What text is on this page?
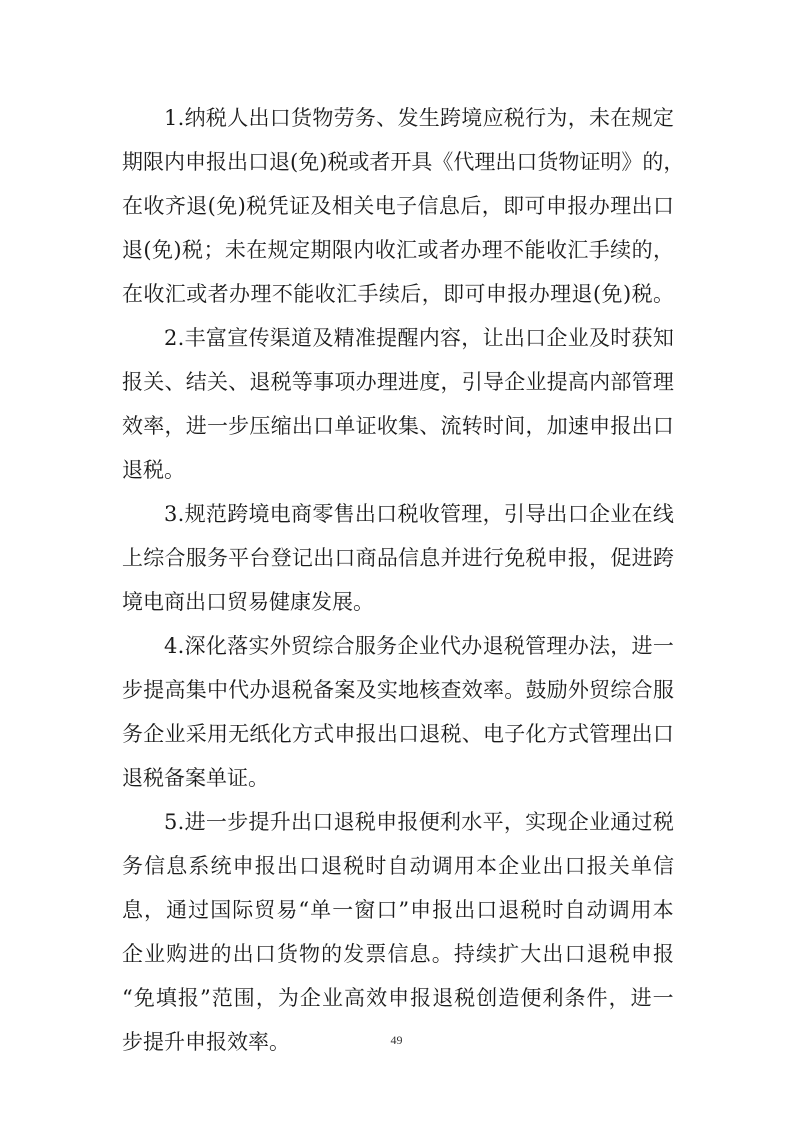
1 . 纳 税 人 出 口 货 物 劳 务 、 发 生 跨 境 应 税 行 为 ， 未 在 规 定
期 限 内 申 报 出 口 退 ( 免 ) 税 或 者 开 具 《 代 理 出 口 货 物 证 明 》 的 ，
在 收 齐 退 ( 免 ) 税 凭 证 及 相 关 电 子 信 息 后 ， 即 可 申 报 办 理 出 口
退 ( 免 ) 税 ； 未 在 规 定 期 限 内 收 汇 或 者 办 理 不 能 收 汇 手 续 的 ，
在 收 汇 或 者 办 理 不 能 收 汇 手 续 后 ， 即 可 申 报 办 理 退 ( 免 ) 税 。
2 . 丰 富 宣 传 渠 道 及 精 准 提 醒 内 容 ， 让 出 口 企 业 及 时 获 知
报 关 、 结 关 、 退 税 等 事 项 办 理 进 度 ， 引 导 企 业 提 高 内 部 管 理
效 率 ， 进 一 步 压 缩 出 口 单 证 收 集 、 流 转 时 间 ， 加 速 申 报 出 口
退税。
3 . 规 范 跨 境 电 商 零 售 出 口 税 收 管 理 ， 引 导 出 口 企 业 在 线
上 综 合 服 务 平 台 登 记 出 口 商 品 信 息 并 进 行 免 税 申 报 ， 促 进 跨
境电商出口贸易健康发展。
4 . 深 化 落 实 外 贸 综 合 服 务 企 业 代 办 退 税 管 理 办 法 ， 进 一
步 提 高 集 中 代 办 退 税 备 案 及 实 地 核 查 效 率 。 鼓 励 外 贸 综 合 服
务 企 业 采 用 无 纸 化 方 式 申 报 出 口 退 税 、 电 子 化 方 式 管 理 出 口
退税备案单证。
5 . 进 一 步 提 升 出 口 退 税 申 报 便 利 水 平 ， 实 现 企 业 通 过 税
务 信 息 系 统 申 报 出 口 退 税 时 自 动 调 用 本 企 业 出 口 报 关 单 信
息 ， 通 过 国 际 贸 易 “ 单 一 窗 口 ” 申 报 出 口 退 税 时 自 动 调 用 本
企 业 购 进 的 出 口 货 物 的 发 票 信 息 。 持 续 扩 大 出 口 退 税 申 报
“ 免 填 报 ” 范 围 ， 为 企 业 高 效 申 报 退 税 创 造 便 利 条 件 ， 进 一
步提升申报效率。	49
